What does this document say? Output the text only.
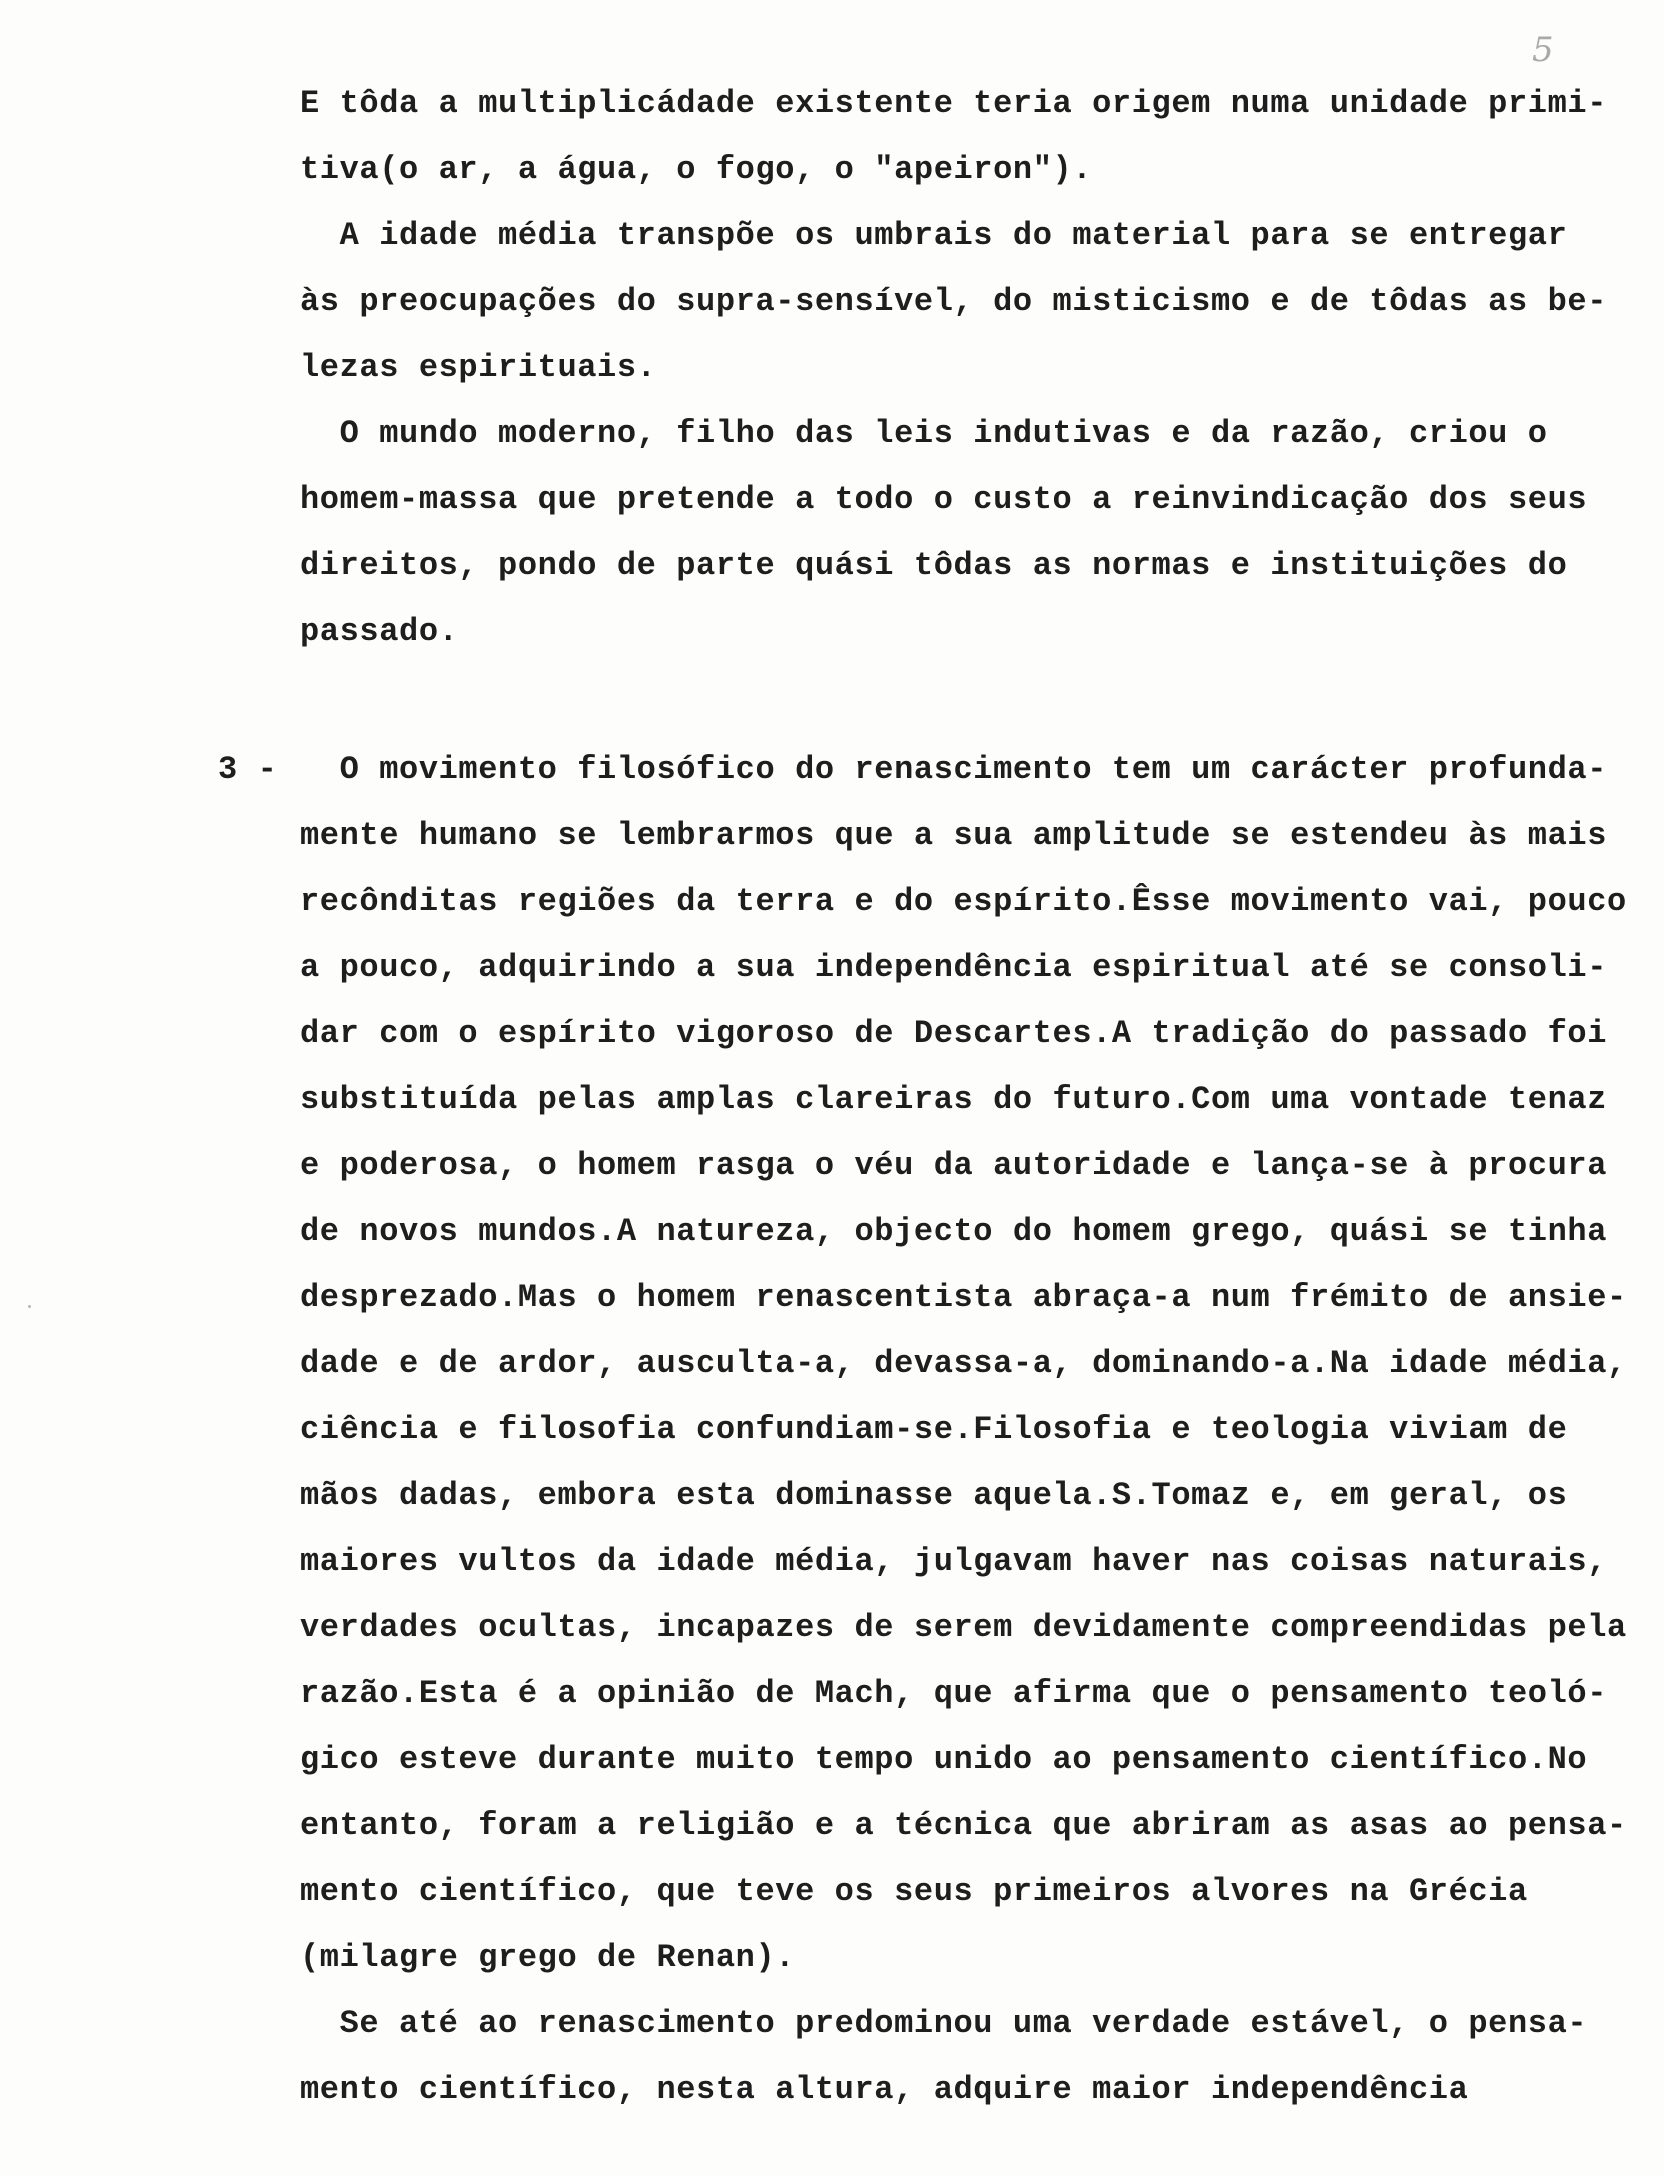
5
E tôda a multiplicádade existente teria origem numa unidade primi-
tiva(o ar, a água, o fogo, o "apeiron").
A idade média transpõe os umbrais do material para se entregar
às preocupações do supra-sensível, do misticismo e de tôdas as be-
lezas espirituais.
O mundo moderno, filho das leis indutivas e da razão, criou o
homem-massa que pretende a todo o custo a reinvindicação dos seus
direitos, pondo de parte quási tôdas as normas e instituições do
passado.
3 - O movimento filosófico do renascimento tem um carácter profunda-
mente humano se lembrarmos que a sua amplitude se estendeu às mais
recônditas regiões da terra e do espírito.Êsse movimento vai, pouco
a pouco, adquirindo a sua independência espiritual até se consoli-
dar com o espírito vigoroso de Descartes.A tradição do passado foi
substituída pelas amplas clareiras do futuro.Com uma vontade tenaz
e poderosa, o homem rasga o véu da autoridade e lança-se à procura
de novos mundos.A natureza, objecto do homem grego, quási se tinha
desprezado.Mas o homem renascentista abraça-a num frémito de ansie-
dade e de ardor, ausculta-a, devassa-a, dominando-a.Na idade média,
ciência e filosofia confundiam-se.Filosofia e teologia viviam de
mãos dadas, embora esta dominasse aquela.S.Tomaz e, em geral, os
maiores vultos da idade média, julgavam haver nas coisas naturais,
verdades ocultas, incapazes de serem devidamente compreendidas pela
razão.Esta é a opinião de Mach, que afirma que o pensamento teoló-
gico esteve durante muito tempo unido ao pensamento científico.No
entanto, foram a religião e a técnica que abriram as asas ao pensa-
mento científico, que teve os seus primeiros alvores na Grécia
(milagre grego de Renan).
Se até ao renascimento predominou uma verdade estável, o pensa-
mento científico, nesta altura, adquire maior independência
